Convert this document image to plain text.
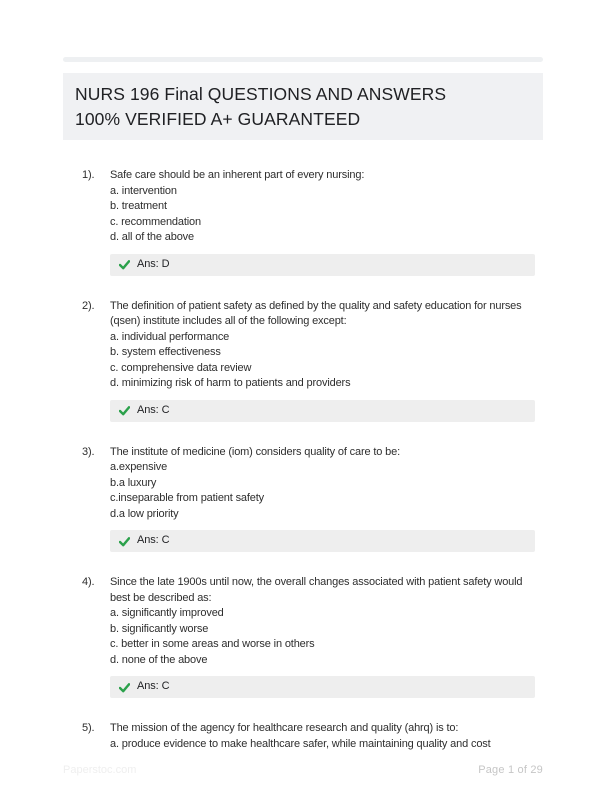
NURS 196 Final QUESTIONS AND ANSWERS
100% VERIFIED A+ GUARANTEED
1).	Safe care should be an inherent part of every nursing:
a. intervention
b. treatment
c. recommendation
d. all of the above
Ans: D
2).	The definition of patient safety as defined by the quality and safety education for nurses (qsen) institute includes all of the following except:
a. individual performance
b. system effectiveness
c. comprehensive data review
d. minimizing risk of harm to patients and providers
Ans: C
3).	The institute of medicine (iom) considers quality of care to be:
a.expensive
b.a luxury
c.inseparable from patient safety
d.a low priority
Ans: C
4).	Since the late 1900s until now, the overall changes associated with patient safety would best be described as:
a. significantly improved
b. significantly worse
c. better in some areas and worse in others
d. none of the above
Ans: C
5).	The mission of the agency for healthcare research and quality (ahrq) is to:
a. produce evidence to make healthcare safer, while maintaining quality and cost
Paperstoc.com	Page 1 of 29
